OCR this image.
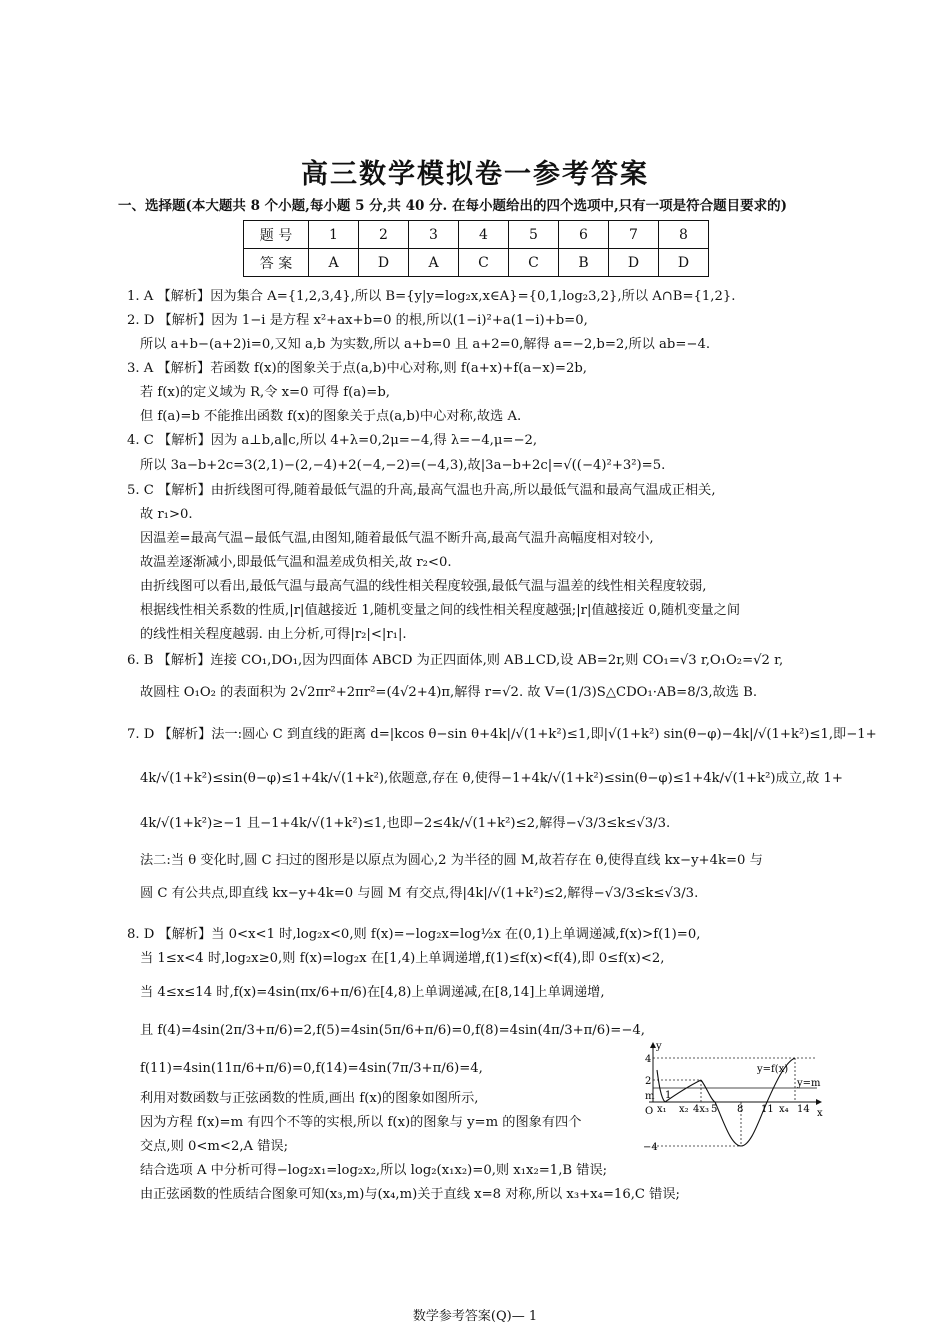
高三数学模拟卷一参考答案
一、选择题(本大题共 8 个小题,每小题 5 分,共 40 分. 在每小题给出的四个选项中,只有一项是符合题目要求的)
题 号	1	2	3	4	5	6	7	8
答 案	A	D	A	C	C	B	D	D
1. A 【解析】因为集合 A={1,2,3,4},所以 B={y|y=log₂x,x∈A}={0,1,log₂3,2},所以 A∩B={1,2}.
2. D 【解析】因为 1−i 是方程 x²+ax+b=0 的根,所以(1−i)²+a(1−i)+b=0,
所以 a+b−(a+2)i=0,又知 a,b 为实数,所以 a+b=0 且 a+2=0,解得 a=−2,b=2,所以 ab=−4.
3. A 【解析】若函数 f(x)的图象关于点(a,b)中心对称,则 f(a+x)+f(a−x)=2b,
若 f(x)的定义域为 R,令 x=0 可得 f(a)=b,
但 f(a)=b 不能推出函数 f(x)的图象关于点(a,b)中心对称,故选 A.
4. C 【解析】因为 a⊥b,a∥c,所以 4+λ=0,2μ=−4,得 λ=−4,μ=−2,
所以 3a−b+2c=3(2,1)−(2,−4)+2(−4,−2)=(−4,3),故|3a−b+2c|=√((−4)²+3²)=5.
5. C 【解析】由折线图可得,随着最低气温的升高,最高气温也升高,所以最低气温和最高气温成正相关,
故 r₁>0.
因温差=最高气温−最低气温,由图知,随着最低气温不断升高,最高气温升高幅度相对较小,
故温差逐渐减小,即最低气温和温差成负相关,故 r₂<0.
由折线图可以看出,最低气温与最高气温的线性相关程度较强,最低气温与温差的线性相关程度较弱,
根据线性相关系数的性质,|r|值越接近 1,随机变量之间的线性相关程度越强;|r|值越接近 0,随机变量之间
的线性相关程度越弱. 由上分析,可得|r₂|<|r₁|.
6. B 【解析】连接 CO₁,DO₁,因为四面体 ABCD 为正四面体,则 AB⊥CD,设 AB=2r,则 CO₁=√3 r,O₁O₂=√2 r,
故圆柱 O₁O₂ 的表面积为 2√2πr²+2πr²=(4√2+4)π,解得 r=√2. 故 V=(1/3)S△CDO₁·AB=8/3,故选 B.
7. D 【解析】法一:圆心 C 到直线的距离 d=|kcos θ−sin θ+4k|/√(1+k²)≤1,即|√(1+k²) sin(θ−φ)−4k|/√(1+k²)≤1,即−1+
4k/√(1+k²)≤sin(θ−φ)≤1+4k/√(1+k²),依题意,存在 θ,使得−1+4k/√(1+k²)≤sin(θ−φ)≤1+4k/√(1+k²)成立,故 1+
4k/√(1+k²)≥−1 且−1+4k/√(1+k²)≤1,也即−2≤4k/√(1+k²)≤2,解得−√3/3≤k≤√3/3.
法二:当 θ 变化时,圆 C 扫过的图形是以原点为圆心,2 为半径的圆 M,故若存在 θ,使得直线 kx−y+4k=0 与
圆 C 有公共点,即直线 kx−y+4k=0 与圆 M 有交点,得|4k|/√(1+k²)≤2,解得−√3/3≤k≤√3/3.
8. D 【解析】当 0<x<1 时,log₂x<0,则 f(x)=−log₂x=log½x 在(0,1)上单调递减,f(x)>f(1)=0,
当 1≤x<4 时,log₂x≥0,则 f(x)=log₂x 在[1,4)上单调递增,f(1)≤f(x)<f(4),即 0≤f(x)<2,
当 4≤x≤14 时,f(x)=4sin(πx/6+π/6)在[4,8)上单调递减,在[8,14]上单调递增,
且 f(4)=4sin(2π/3+π/6)=2,f(5)=4sin(5π/6+π/6)=0,f(8)=4sin(4π/3+π/6)=−4,
f(11)=4sin(11π/6+π/6)=0,f(14)=4sin(7π/3+π/6)=4,
利用对数函数与正弦函数的性质,画出 f(x)的图象如图所示,
因为方程 f(x)=m 有四个不等的实根,所以 f(x)的图象与 y=m 的图象有四个
交点,则 0<m<2,A 错误;
结合选项 A 中分析可得−log₂x₁=log₂x₂,所以 log₂(x₁x₂)=0,则 x₁x₂=1,B 错误;
由正弦函数的性质结合图象可知(x₃,m)与(x₄,m)关于直线 x=8 对称,所以 x₃+x₄=16,C 错误;
y
x
4
2
−4
m
O
y=f(x)
y=m
x₁
1
x₂ 4x₃ 5 8 11 x₄ 14
数学参考答案(Q)— 1
